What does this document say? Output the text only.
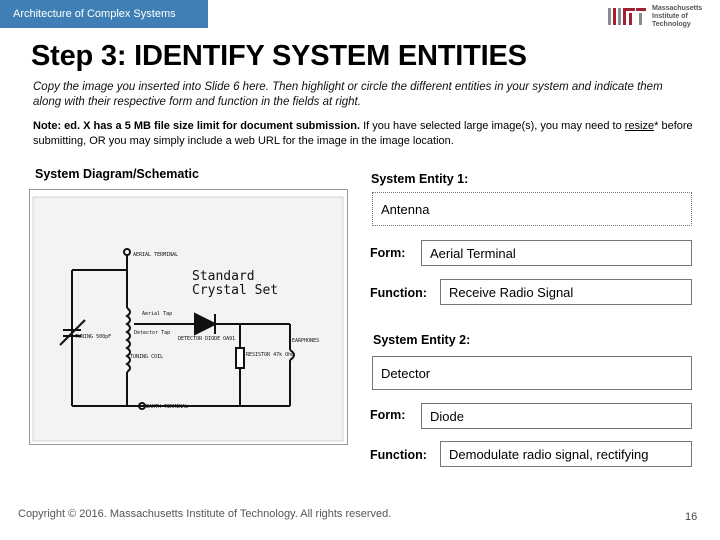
Architecture of Complex Systems	Massachusetts
Institute of
Technology
Step 3: IDENTIFY SYSTEM ENTITIES
Copy the image you inserted into Slide 6 here. Then highlight or circle the different entities in your system and indicate them along with their respective form and function in the fields at right.
Note: ed. X has a 5 MB file size limit for document submission. If you have selected large image(s), you may need to resize* before submitting, OR you may simply include a web URL for the image in the image location.
System Diagram/Schematic
Standard
Crystal Set
AERIAL TERMINAL
EARTH TERMINAL
Aerial Tap
Detector Tap
TUNING 500pF
TUNING COIL
DETECTOR DIODE OA91
RESISTOR 47k Ohm
EARPHONES
System Entity 1:
Antenna
Form:	Aerial Terminal
Function:	Receive Radio Signal
System Entity 2:
Detector
Form:	Diode
Function:	Demodulate radio signal, rectifying
Copyright © 2016. Massachusetts Institute of Technology. All rights reserved.	16
